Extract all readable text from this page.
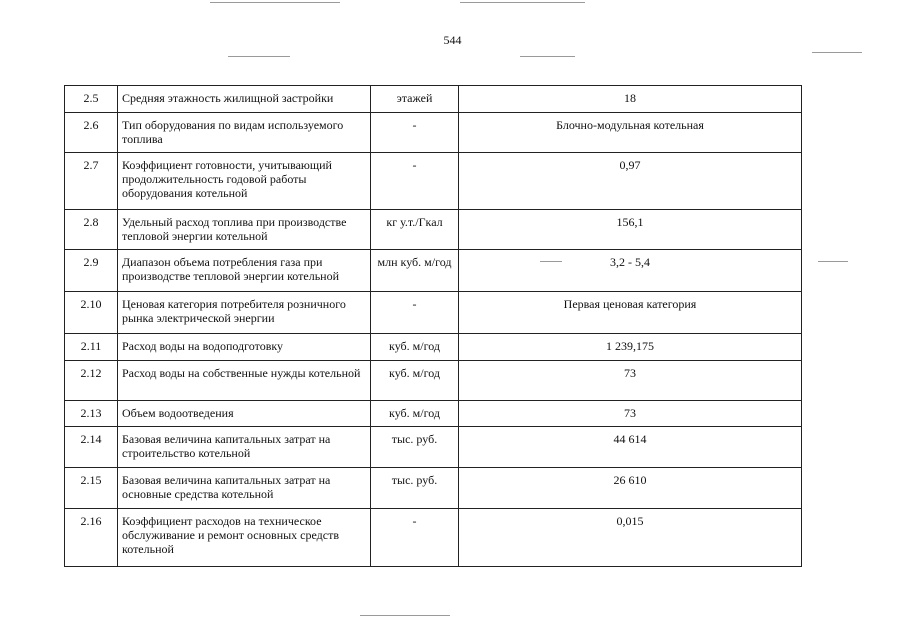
544
2.5	Средняя этажность жилищной застройки	этажей	18
2.6	Тип оборудования по видам используемого топлива	-	Блочно-модульная котельная
2.7	Коэффициент готовности, учитывающий продолжительность годовой работы оборудования котельной	-	0,97
2.8	Удельный расход топлива при производстве тепловой энергии котельной	кг у.т./Гкал	156,1
2.9	Диапазон объема потребления газа при производстве тепловой энергии котельной	млн куб. м/год	3,2 - 5,4
2.10	Ценовая категория потребителя розничного рынка электрической энергии	-	Первая ценовая категория
2.11	Расход воды на водоподготовку	куб. м/год	1 239,175
2.12	Расход воды на собственные нужды котельной	куб. м/год	73
2.13	Объем водоотведения	куб. м/год	73
2.14	Базовая величина капитальных затрат на строительство котельной	тыс. руб.	44 614
2.15	Базовая величина капитальных затрат на основные средства котельной	тыс. руб.	26 610
2.16	Коэффициент расходов на техническое обслуживание и ремонт основных средств котельной	-	0,015
